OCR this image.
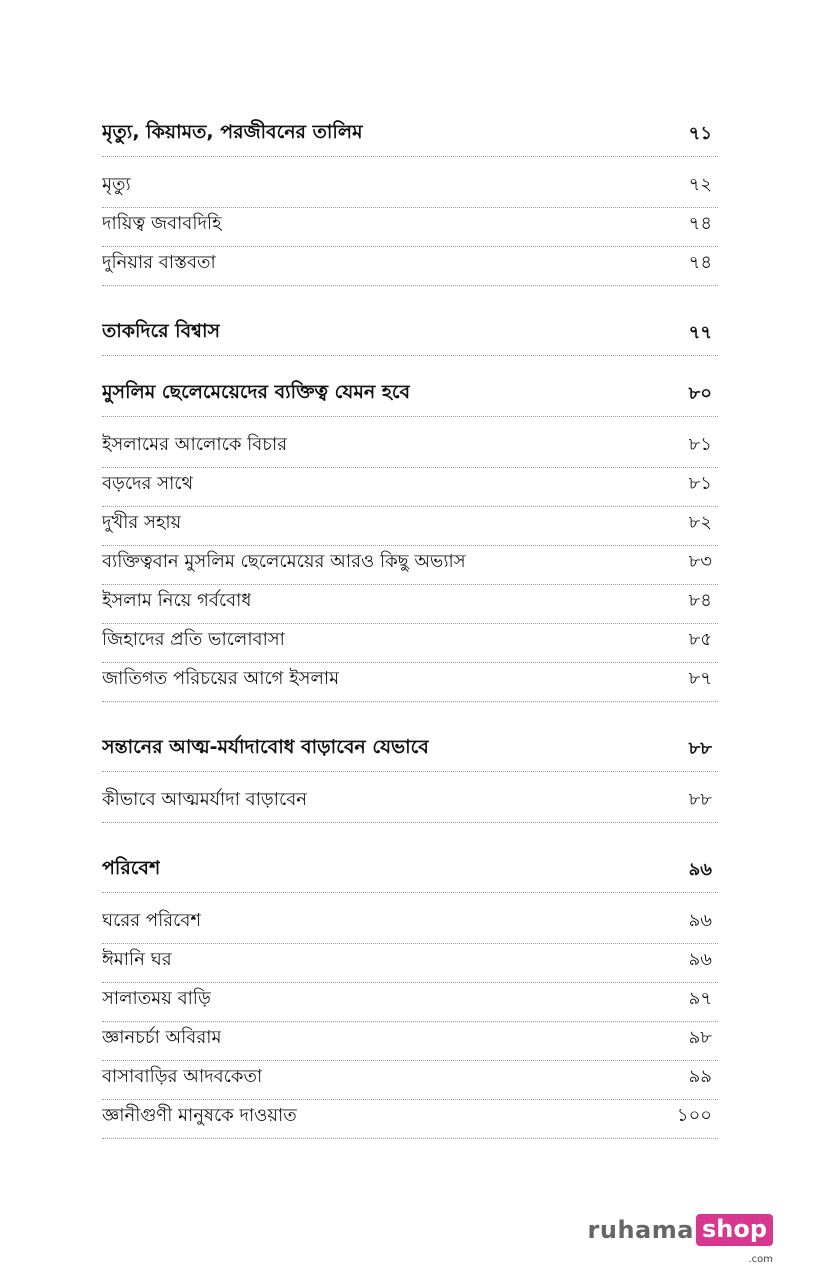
মৃত্যু, কিয়ামত, পরজীবনের তালিম	৭১
মৃত্যু	৭২
দায়িত্ব জবাবদিহি	৭৪
দুনিয়ার বাস্তবতা	৭৪
তাকদিরে বিশ্বাস	৭৭
মুসলিম ছেলেমেয়েদের ব্যক্তিত্ব যেমন হবে	৮০
ইসলামের আলোকে বিচার	৮১
বড়দের সাথে	৮১
দুখীর সহায়	৮২
ব্যক্তিত্ববান মুসলিম ছেলেমেয়ের আরও কিছু অভ্যাস	৮৩
ইসলাম নিয়ে গর্ববোধ	৮৪
জিহাদের প্রতি ভালোবাসা	৮৫
জাতিগত পরিচয়ের আগে ইসলাম	৮৭
সন্তানের আত্ম-মর্যাদাবোধ বাড়াবেন যেভাবে	৮৮
কীভাবে আত্মমর্যাদা বাড়াবেন	৮৮
পরিবেশ	৯৬
ঘরের পরিবেশ	৯৬
ঈমানি ঘর	৯৬
সালাতময় বাড়ি	৯৭
জ্ঞানচর্চা অবিরাম	৯৮
বাসাবাড়ির আদবকেতা	৯৯
জ্ঞানীগুণী মানুষকে দাওয়াত	১০০
ruhama shop
.com
